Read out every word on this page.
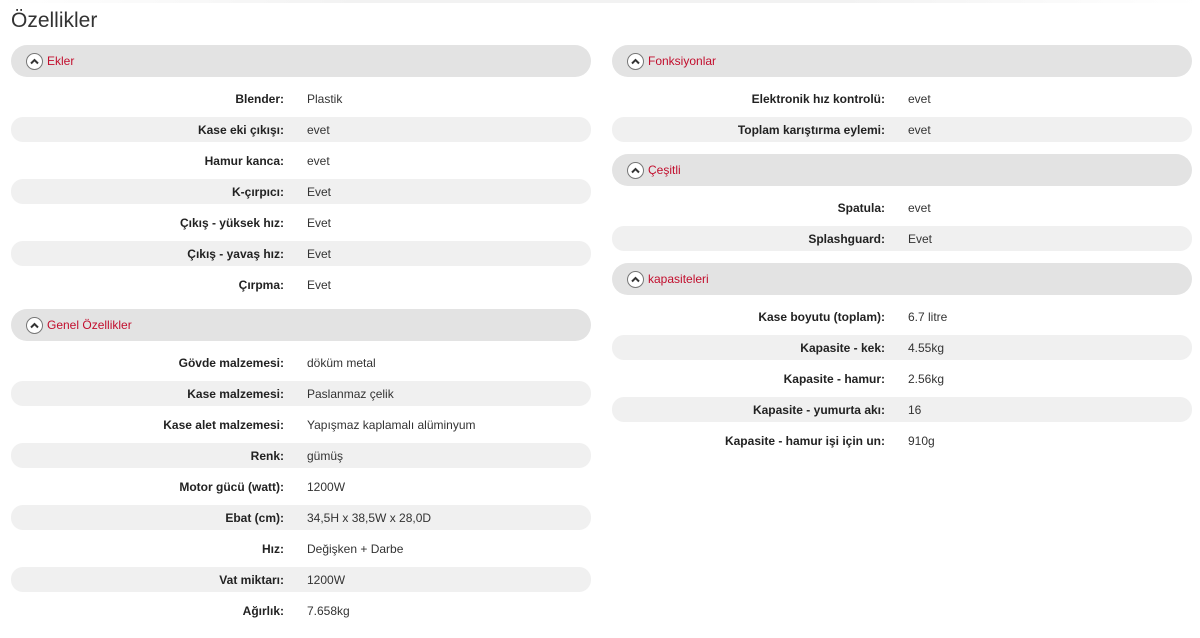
Özellikler
Ekler
Blender:	Plastik
Kase eki çıkışı:	evet
Hamur kanca:	evet
K-çırpıcı:	Evet
Çıkış - yüksek hız:	Evet
Çıkış - yavaş hız:	Evet
Çırpma:	Evet
Genel Özellikler
Gövde malzemesi:	döküm metal
Kase malzemesi:	Paslanmaz çelik
Kase alet malzemesi:	Yapışmaz kaplamalı alüminyum
Renk:	gümüş
Motor gücü (watt):	1200W
Ebat (cm):	34,5H x 38,5W x 28,0D
Hız:	Değişken + Darbe
Vat miktarı:	1200W
Ağırlık:	7.658kg
Fonksiyonlar
Elektronik hız kontrolü:	evet
Toplam karıştırma eylemi:	evet
Çeşitli
Spatula:	evet
Splashguard:	Evet
kapasiteleri
Kase boyutu (toplam):	6.7 litre
Kapasite - kek:	4.55kg
Kapasite - hamur:	2.56kg
Kapasite - yumurta akı:	16
Kapasite - hamur işi için un:	910g
